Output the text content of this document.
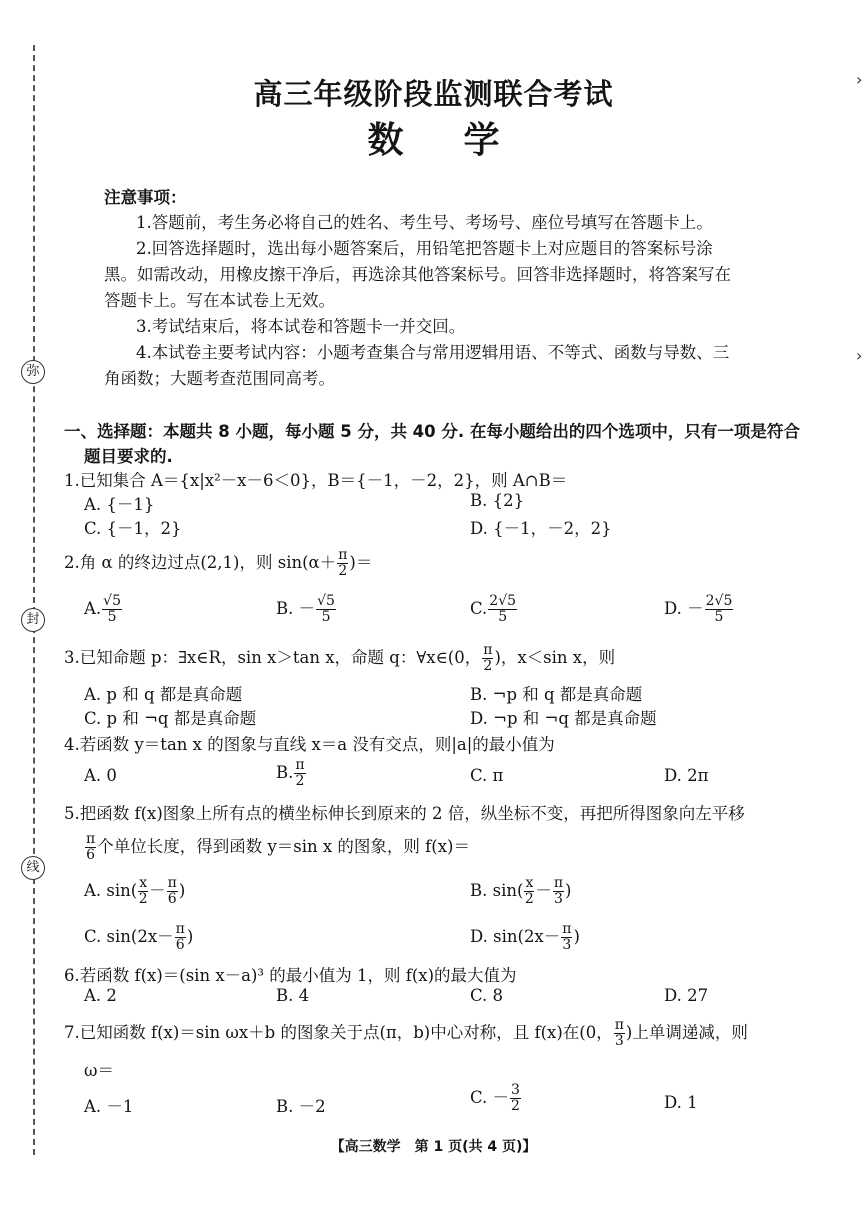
弥
封
线
›
›
高三年级阶段监测联合考试
数 学
注意事项：
1.答题前，考生务必将自己的姓名、考生号、考场号、座位号填写在答题卡上。
2.回答选择题时，选出每小题答案后，用铅笔把答题卡上对应题目的答案标号涂
黑。如需改动，用橡皮擦干净后，再选涂其他答案标号。回答非选择题时，将答案写在
答题卡上。写在本试卷上无效。
3.考试结束后，将本试卷和答题卡一并交回。
4.本试卷主要考试内容：小题考查集合与常用逻辑用语、不等式、函数与导数、三
角函数；大题考查范围同高考。
一、选择题：本题共 8 小题，每小题 5 分，共 40 分. 在每小题给出的四个选项中，只有一项是符合
题目要求的.
1.已知集合 A＝{x|x²－x－6＜0}，B＝{－1，－2，2}，则 A∩B＝
A. {－1}	B. {2}
C. {－1，2}	D. {－1，－2，2}
2.角 α 的终边过点(2,1)，则 $\sin(\alpha+ \frac{\pi}{2}$ )＝
A. $\frac{√5}{5}$	B. － $\frac{√5}{5}$	C. $\frac{2√5}{5}$	D. － $\frac{2√5}{5}$
3.已知命题 p：∃x∈R，sin x＞tan x，命题 q：∀x∈(0， $\frac{\pi}{2}$ )，x＜sin x，则
A. p 和 q 都是真命题	B. ¬p 和 q 都是真命题
C. p 和 ¬q 都是真命题	D. ¬p 和 ¬q 都是真命题
4.若函数 y＝tan x 的图象与直线 x＝a 没有交点，则|a|的最小值为
A. 0	B. $\frac{\pi}{2}$	C. π	D. 2π
5.把函数 f(x)图象上所有点的横坐标伸长到原来的 2 倍，纵坐标不变，再把所得图象向左平移
$\frac{\pi}{6}$ 个单位长度，得到函数 y＝sin x 的图象，则 f(x)＝
A. $\sin( \frac{x}{2} - \frac{\pi}{6}$ )	B. $\sin( \frac{x}{2} - \frac{\pi}{3}$ )
C. $\sin(2x- \frac{\pi}{6}$ )	D. $\sin(2x- \frac{\pi}{3}$ )
6.若函数 f(x)＝(sin x－a)³ 的最小值为 1，则 f(x)的最大值为
A. 2	B. 4	C. 8	D. 27
7.已知函数 f(x)＝sin ωx＋b 的图象关于点(π，b)中心对称，且 f(x)在(0， $\frac{\pi}{3}$ )上单调递减，则
ω＝
A. －1	B. －2	C. － $\frac{3}{2}$	D. 1
【高三数学　第 1 页(共 4 页)】
